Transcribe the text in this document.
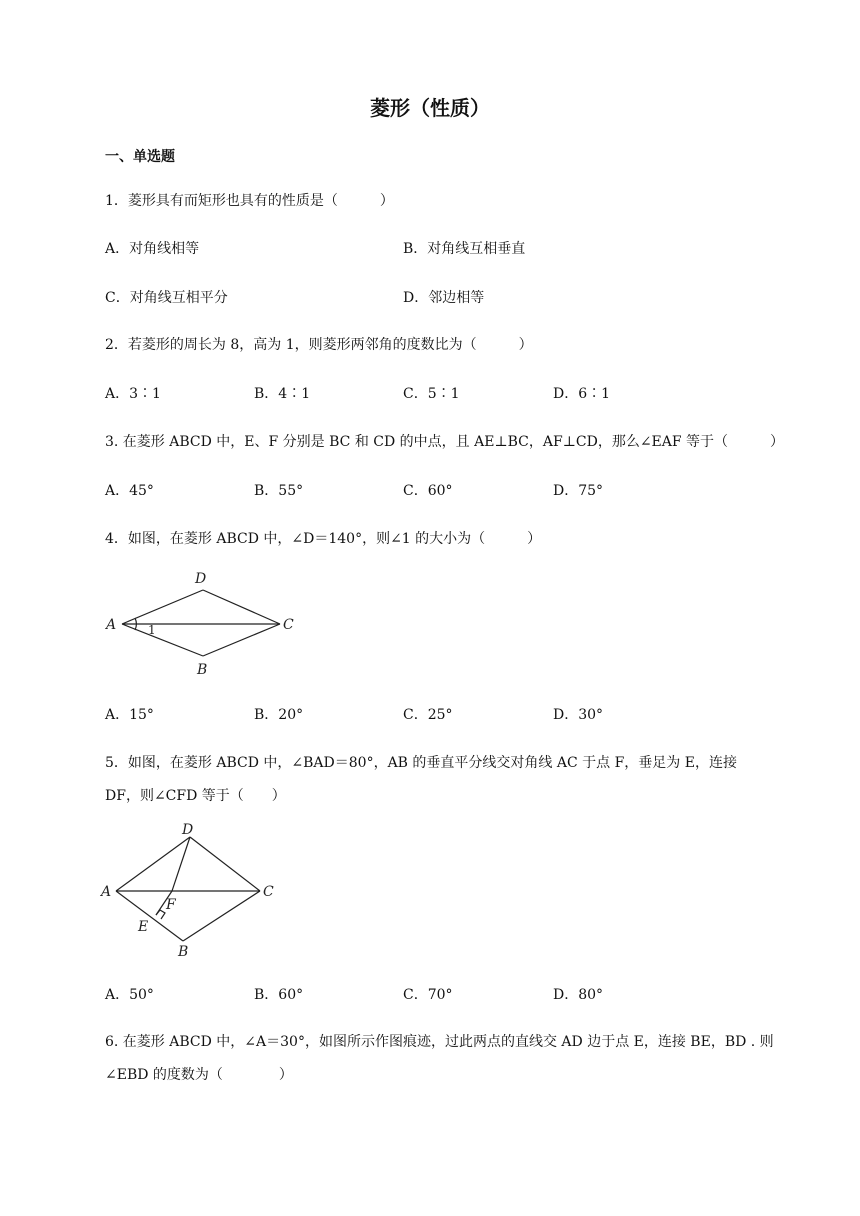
菱形（性质）
一、单选题
1．菱形具有而矩形也具有的性质是（　　　）
A．对角线相等	B．对角线互相垂直
C．对角线互相平分	D．邻边相等
2．若菱形的周长为 8，高为 1，则菱形两邻角的度数比为（　　　）
A．3∶1	B．4∶1	C．5∶1	D．6∶1
3. 在菱形 ABCD 中，E、F 分别是 BC 和 CD 的中点，且 AE⊥BC，AF⊥CD，那么∠EAF 等于（　　　）
A．45°	B．55°	C．60°	D．75°
4．如图，在菱形 ABCD 中，∠D＝140°，则∠1 的大小为（　　　）
D
A	1	C
B
A．15°	B．20°	C．25°	D．30°
5．如图，在菱形 ABCD 中，∠BAD＝80°，AB 的垂直平分线交对角线 AC 于点 F，垂足为 E，连接
DF，则∠CFD 等于（　　）
D
A
F
C
E
B
A．50°	B．60°	C．70°	D．80°
6. 在菱形 ABCD 中，∠A＝30°，如图所示作图痕迹，过此两点的直线交 AD 边于点 E，连接 BE，BD . 则
∠EBD 的度数为（　　　　）
